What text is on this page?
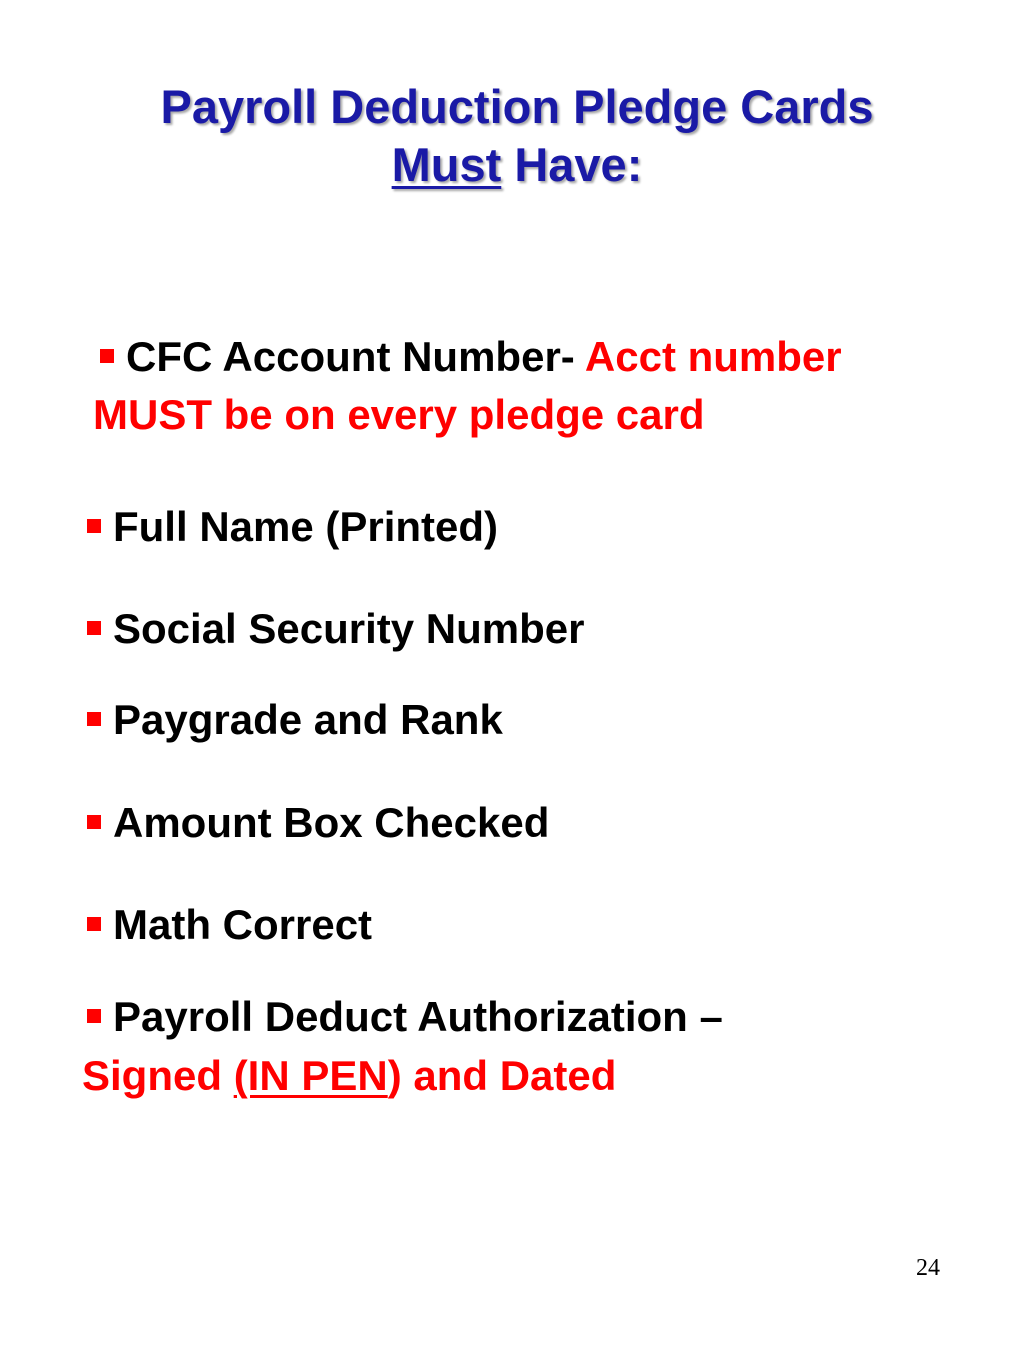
Payroll Deduction Pledge Cards
Must Have:
CFC Account Number- Acct number
MUST be on every pledge card
Full Name (Printed)
Social Security Number
Paygrade and Rank
Amount Box Checked
Math Correct
Payroll Deduct Authorization –
Signed (IN PEN) and Dated
24
